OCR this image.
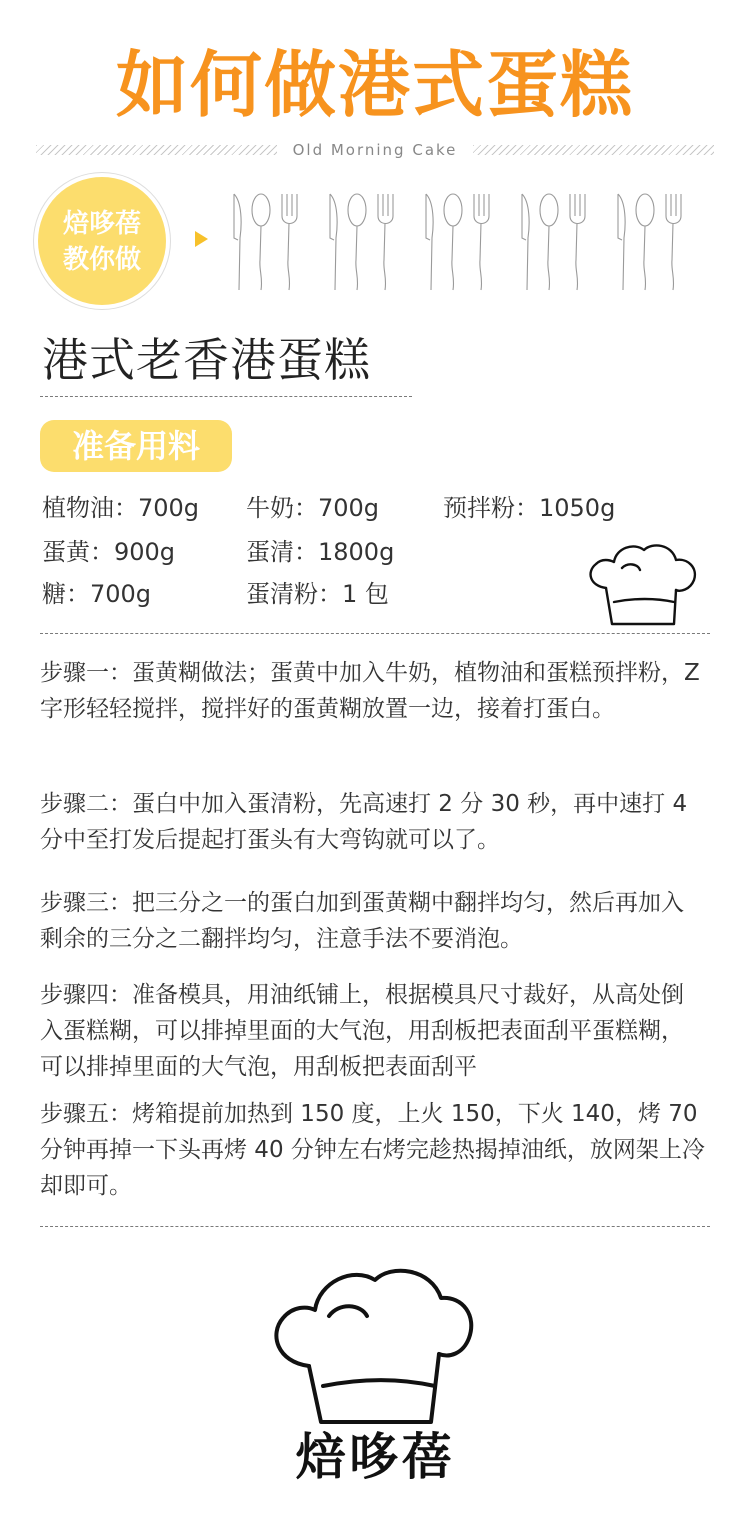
如何做港式蛋糕
Old Morning Cake
焙哆蓓
教你做
港式老香港蛋糕
准备用料
植物油：700g 牛奶：700g	预拌粉：1050g
蛋黄：900g	蛋清：1800g
糖：700g	蛋清粉：1 包

步骤一：蛋黄糊做法；蛋黄中加入牛奶，植物油和蛋糕预拌粉，Z 字形轻轻搅拌，搅拌好的蛋黄糊放置一边，接着打蛋白。

步骤二：蛋白中加入蛋清粉，先高速打 2 分 30 秒，再中速打 4 分中至打发后提起打蛋头有大弯钩就可以了。

步骤三：把三分之一的蛋白加到蛋黄糊中翻拌均匀，然后再加入剩余的三分之二翻拌均匀，注意手法不要消泡。

步骤四：准备模具，用油纸铺上，根据模具尺寸裁好，从高处倒入蛋糕糊，可以排掉里面的大气泡，用刮板把表面刮平蛋糕糊，可以排掉里面的大气泡，用刮板把表面刮平

步骤五：烤箱提前加热到 150 度，上火 150，下火 140，烤 70 分钟再掉一下头再烤 40 分钟左右烤完趁热揭掉油纸，放网架上冷却即可。

焙哆蓓
